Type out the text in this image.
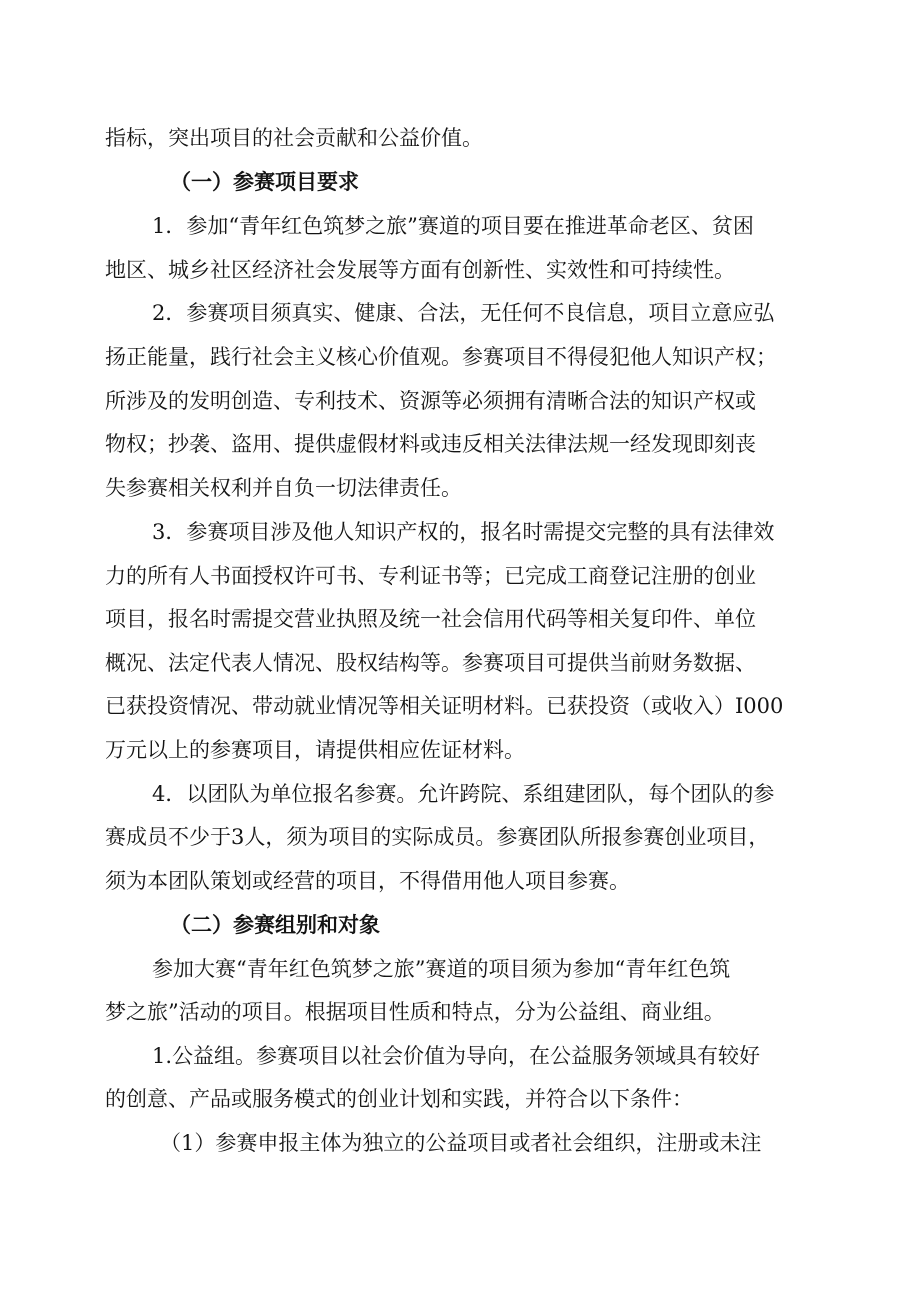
指标，突出项目的社会贡献和公益价值。

（一）参赛项目要求

1．参加“青年红色筑梦之旅”赛道的项目要在推进革命老区、贫困

地区、城乡社区经济社会发展等方面有创新性、实效性和可持续性。

2．参赛项目须真实、健康、合法，无任何不良信息，项目立意应弘

扬正能量，践行社会主义核心价值观。参赛项目不得侵犯他人知识产权；

所涉及的发明创造、专利技术、资源等必须拥有清晰合法的知识产权或

物权；抄袭、盗用、提供虚假材料或违反相关法律法规一经发现即刻丧

失参赛相关权利并自负一切法律责任。

3．参赛项目涉及他人知识产权的，报名时需提交完整的具有法律效

力的所有人书面授权许可书、专利证书等；已完成工商登记注册的创业

项目，报名时需提交营业执照及统一社会信用代码等相关复印件、单位

概况、法定代表人情况、股权结构等。参赛项目可提供当前财务数据、

已获投资情况、带动就业情况等相关证明材料。已获投资（或收入）I000

万元以上的参赛项目，请提供相应佐证材料。

4．以团队为单位报名参赛。允许跨院、系组建团队，每个团队的参

赛成员不少于3人，须为项目的实际成员。参赛团队所报参赛创业项目，

须为本团队策划或经营的项目，不得借用他人项目参赛。

（二）参赛组别和对象

参加大赛“青年红色筑梦之旅”赛道的项目须为参加“青年红色筑

梦之旅”活动的项目。根据项目性质和特点，分为公益组、商业组。

1.公益组。参赛项目以社会价值为导向，在公益服务领域具有较好

的创意、产品或服务模式的创业计划和实践，并符合以下条件：

（1）参赛申报主体为独立的公益项目或者社会组织，注册或未注
